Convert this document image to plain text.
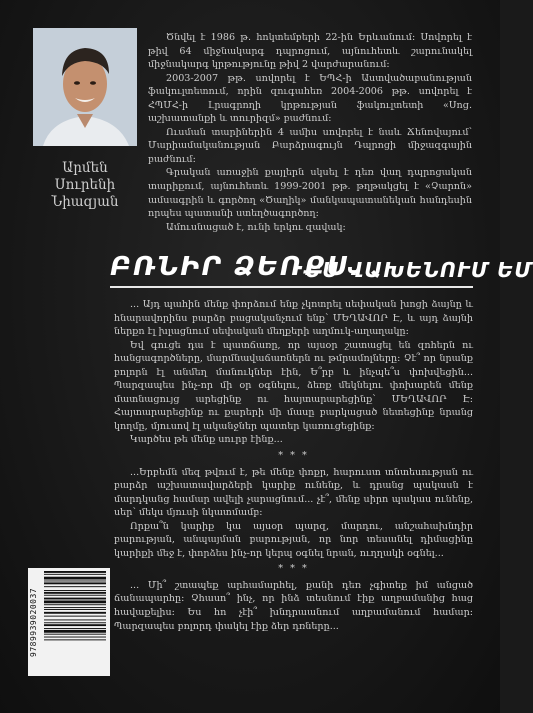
Արմեն
Սուրենի
Նիազյան

Ծնվել է 1986 թ. հոկտեմբերի 22-ին Երևանում: Սովորել է թիվ 64 միջնակարգ դպրոցում, այնուհետև շարունակել միջնակարգ կրթությունը թիվ 2 վարժարանում:

2003-2007 թթ. սովորել է ԵՊՀ-ի Աստվածաբանության ֆակուլտետում, որին զուգահեռ 2004-2006 թթ. սովորել է ՀՊՄՀ-ի Լրագրողի կրթության ֆակուլտետի «Սոց. աշխատանքի և տուրիզմ» բաժնում:

Ուսման տարիներին 4 ամիս սովորել է նաև Ճենովայում՝ Մարիամականության Բարձրագույն Դպրոցի միջազգային բաժնում:

Գրական առաջին քայլերն սկսել է դեռ վաղ դպրոցական տարիքում, այնուհետև 1999-2001 թթ. թղթակցել է «Չարոն» ամսագրին և գործող «Ծաղիկ» մանկապատանեկան հանդեսին որպես պատանի ստեղծագործող:

Ամուսնացած է, ունի երկու զավակ:

ԲՌՆԻՐ ՁԵՌՔՍ.
ԵՍ ՎԱԽԵՆՈՒՄ ԵՄ

... Այդ պահին մենք փորձում ենք չկոտրել սեփական խոցի ձայնը և հնարավորինս բարձր բացականչում ենք՝ ՄԵՂԱՎՈՐ Է, և այդ ձայնի ներքո էլ խլացնում սեփական մեղքերի աղմուկ-աղաղակը:

Եվ գուցե դա է պատճառը, որ այսօր շատացել են զոհերն ու հանցագործները, մարմնավաճառներն ու թմրամոլները: Չէ՞ որ նրանք բոլորն էլ անմեղ մանուկներ էին, Ե՞րբ և ինչպե՞ս փոխվեցին... Պարզապես ինչ-որ մի օր օգնելու, ձեռք մեկնելու փոխարեն մենք մատնացույց արեցինք ու հայտարարեցինք՝ ՄԵՂԱՎՈՐ Է: Հայտարարեցինք ու քարերի մի մասը բարկացած նետեցինք նրանց կողմը, մյուսով էլ ականջներ պատեր կառուցեցինք:

Կարծես թե մենք սուրբ էինք...

* * *

...Երբեմն մեզ թվում է, թե մենք փոքր, հարուստ տնտեսության ու բարձր աշխատավարձերի կարիք ունենք, և դրանց պակասն է մարդկանց համար ավելի չարացնում... չէ՞, մենք սիրո պակաս ունենք, սեր՝ մեկս մյուսի նկատմամբ:

Որքա՞ն կարիք կա այսօր պարզ, մարդու, անշահախնդիր բարության, անպայման բարության, որ նոր տեսանել դիմացինը կարիքի մեջ է, փորձես ինչ-որ կերպ օգնել նրան, ուղղակի օգնել...

* * *

... Մի՞ շտապեք արհամարհել, քանի դեռ չգիտեք իմ անցած ճանապարհը: Չհասո՞ ինչ, որ ինձ տեսնում էիք աղբամանից հաց հավաքելիս: Ես հո չէի՞ խնդրաանում աղբամանում համար: Պարզապես բոլորդ փակել էիք ձեր դռները...

9789939020037
